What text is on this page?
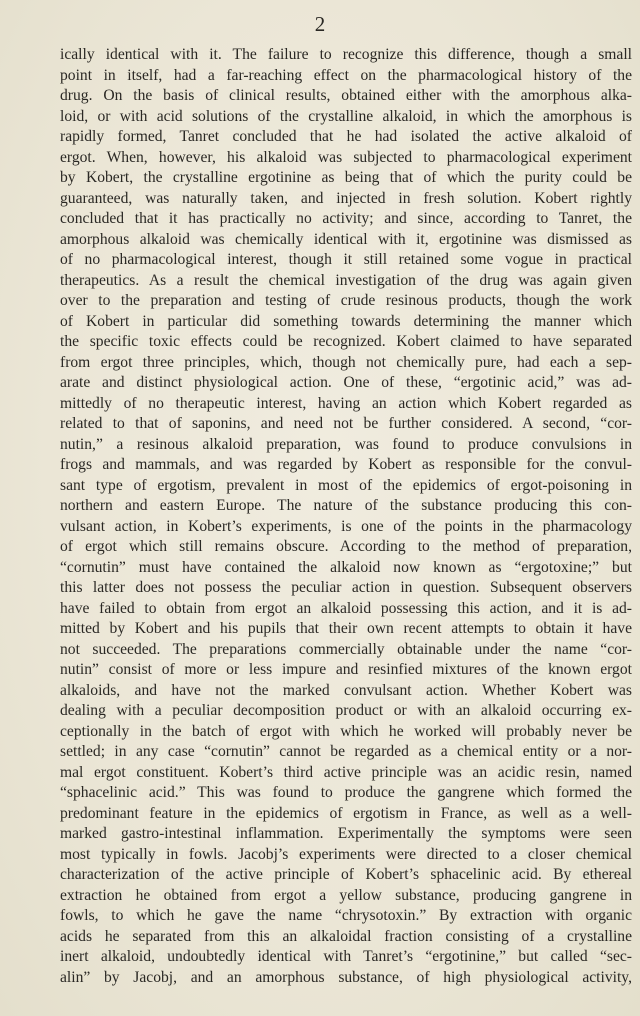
2
ically identical with it. The failure to recognize this difference, though a small
point in itself, had a far-reaching effect on the pharmacological history of the
drug. On the basis of clinical results, obtained either with the amorphous alka-
loid, or with acid solutions of the crystalline alkaloid, in which the amorphous is
rapidly formed, Tanret concluded that he had isolated the active alkaloid of
ergot. When, however, his alkaloid was subjected to pharmacological experiment
by Kobert, the crystalline ergotinine as being that of which the purity could be
guaranteed, was naturally taken, and injected in fresh solution. Kobert rightly
concluded that it has practically no activity; and since, according to Tanret, the
amorphous alkaloid was chemically identical with it, ergotinine was dismissed as
of no pharmacological interest, though it still retained some vogue in practical
therapeutics. As a result the chemical investigation of the drug was again given
over to the preparation and testing of crude resinous products, though the work
of Kobert in particular did something towards determining the manner which
the specific toxic effects could be recognized. Kobert claimed to have separated
from ergot three principles, which, though not chemically pure, had each a sep-
arate and distinct physiological action. One of these, “ergotinic acid,” was ad-
mittedly of no therapeutic interest, having an action which Kobert regarded as
related to that of saponins, and need not be further considered. A second, “cor-
nutin,” a resinous alkaloid preparation, was found to produce convulsions in
frogs and mammals, and was regarded by Kobert as responsible for the convul-
sant type of ergotism, prevalent in most of the epidemics of ergot-poisoning in
northern and eastern Europe. The nature of the substance producing this con-
vulsant action, in Kobert’s experiments, is one of the points in the pharmacology
of ergot which still remains obscure. According to the method of preparation,
“cornutin” must have contained the alkaloid now known as “ergotoxine;” but
this latter does not possess the peculiar action in question. Subsequent observers
have failed to obtain from ergot an alkaloid possessing this action, and it is ad-
mitted by Kobert and his pupils that their own recent attempts to obtain it have
not succeeded. The preparations commercially obtainable under the name “cor-
nutin” consist of more or less impure and resinfied mixtures of the known ergot
alkaloids, and have not the marked convulsant action. Whether Kobert was
dealing with a peculiar decomposition product or with an alkaloid occurring ex-
ceptionally in the batch of ergot with which he worked will probably never be
settled; in any case “cornutin” cannot be regarded as a chemical entity or a nor-
mal ergot constituent. Kobert’s third active principle was an acidic resin, named
“sphacelinic acid.” This was found to produce the gangrene which formed the
predominant feature in the epidemics of ergotism in France, as well as a well-
marked gastro-intestinal inflammation. Experimentally the symptoms were seen
most typically in fowls. Jacobj’s experiments were directed to a closer chemical
characterization of the active principle of Kobert’s sphacelinic acid. By ethereal
extraction he obtained from ergot a yellow substance, producing gangrene in
fowls, to which he gave the name “chrysotoxin.” By extraction with organic
acids he separated from this an alkaloidal fraction consisting of a crystalline
inert alkaloid, undoubtedly identical with Tanret’s “ergotinine,” but called “sec-
alin” by Jacobj, and an amorphous substance, of high physiological activity,
